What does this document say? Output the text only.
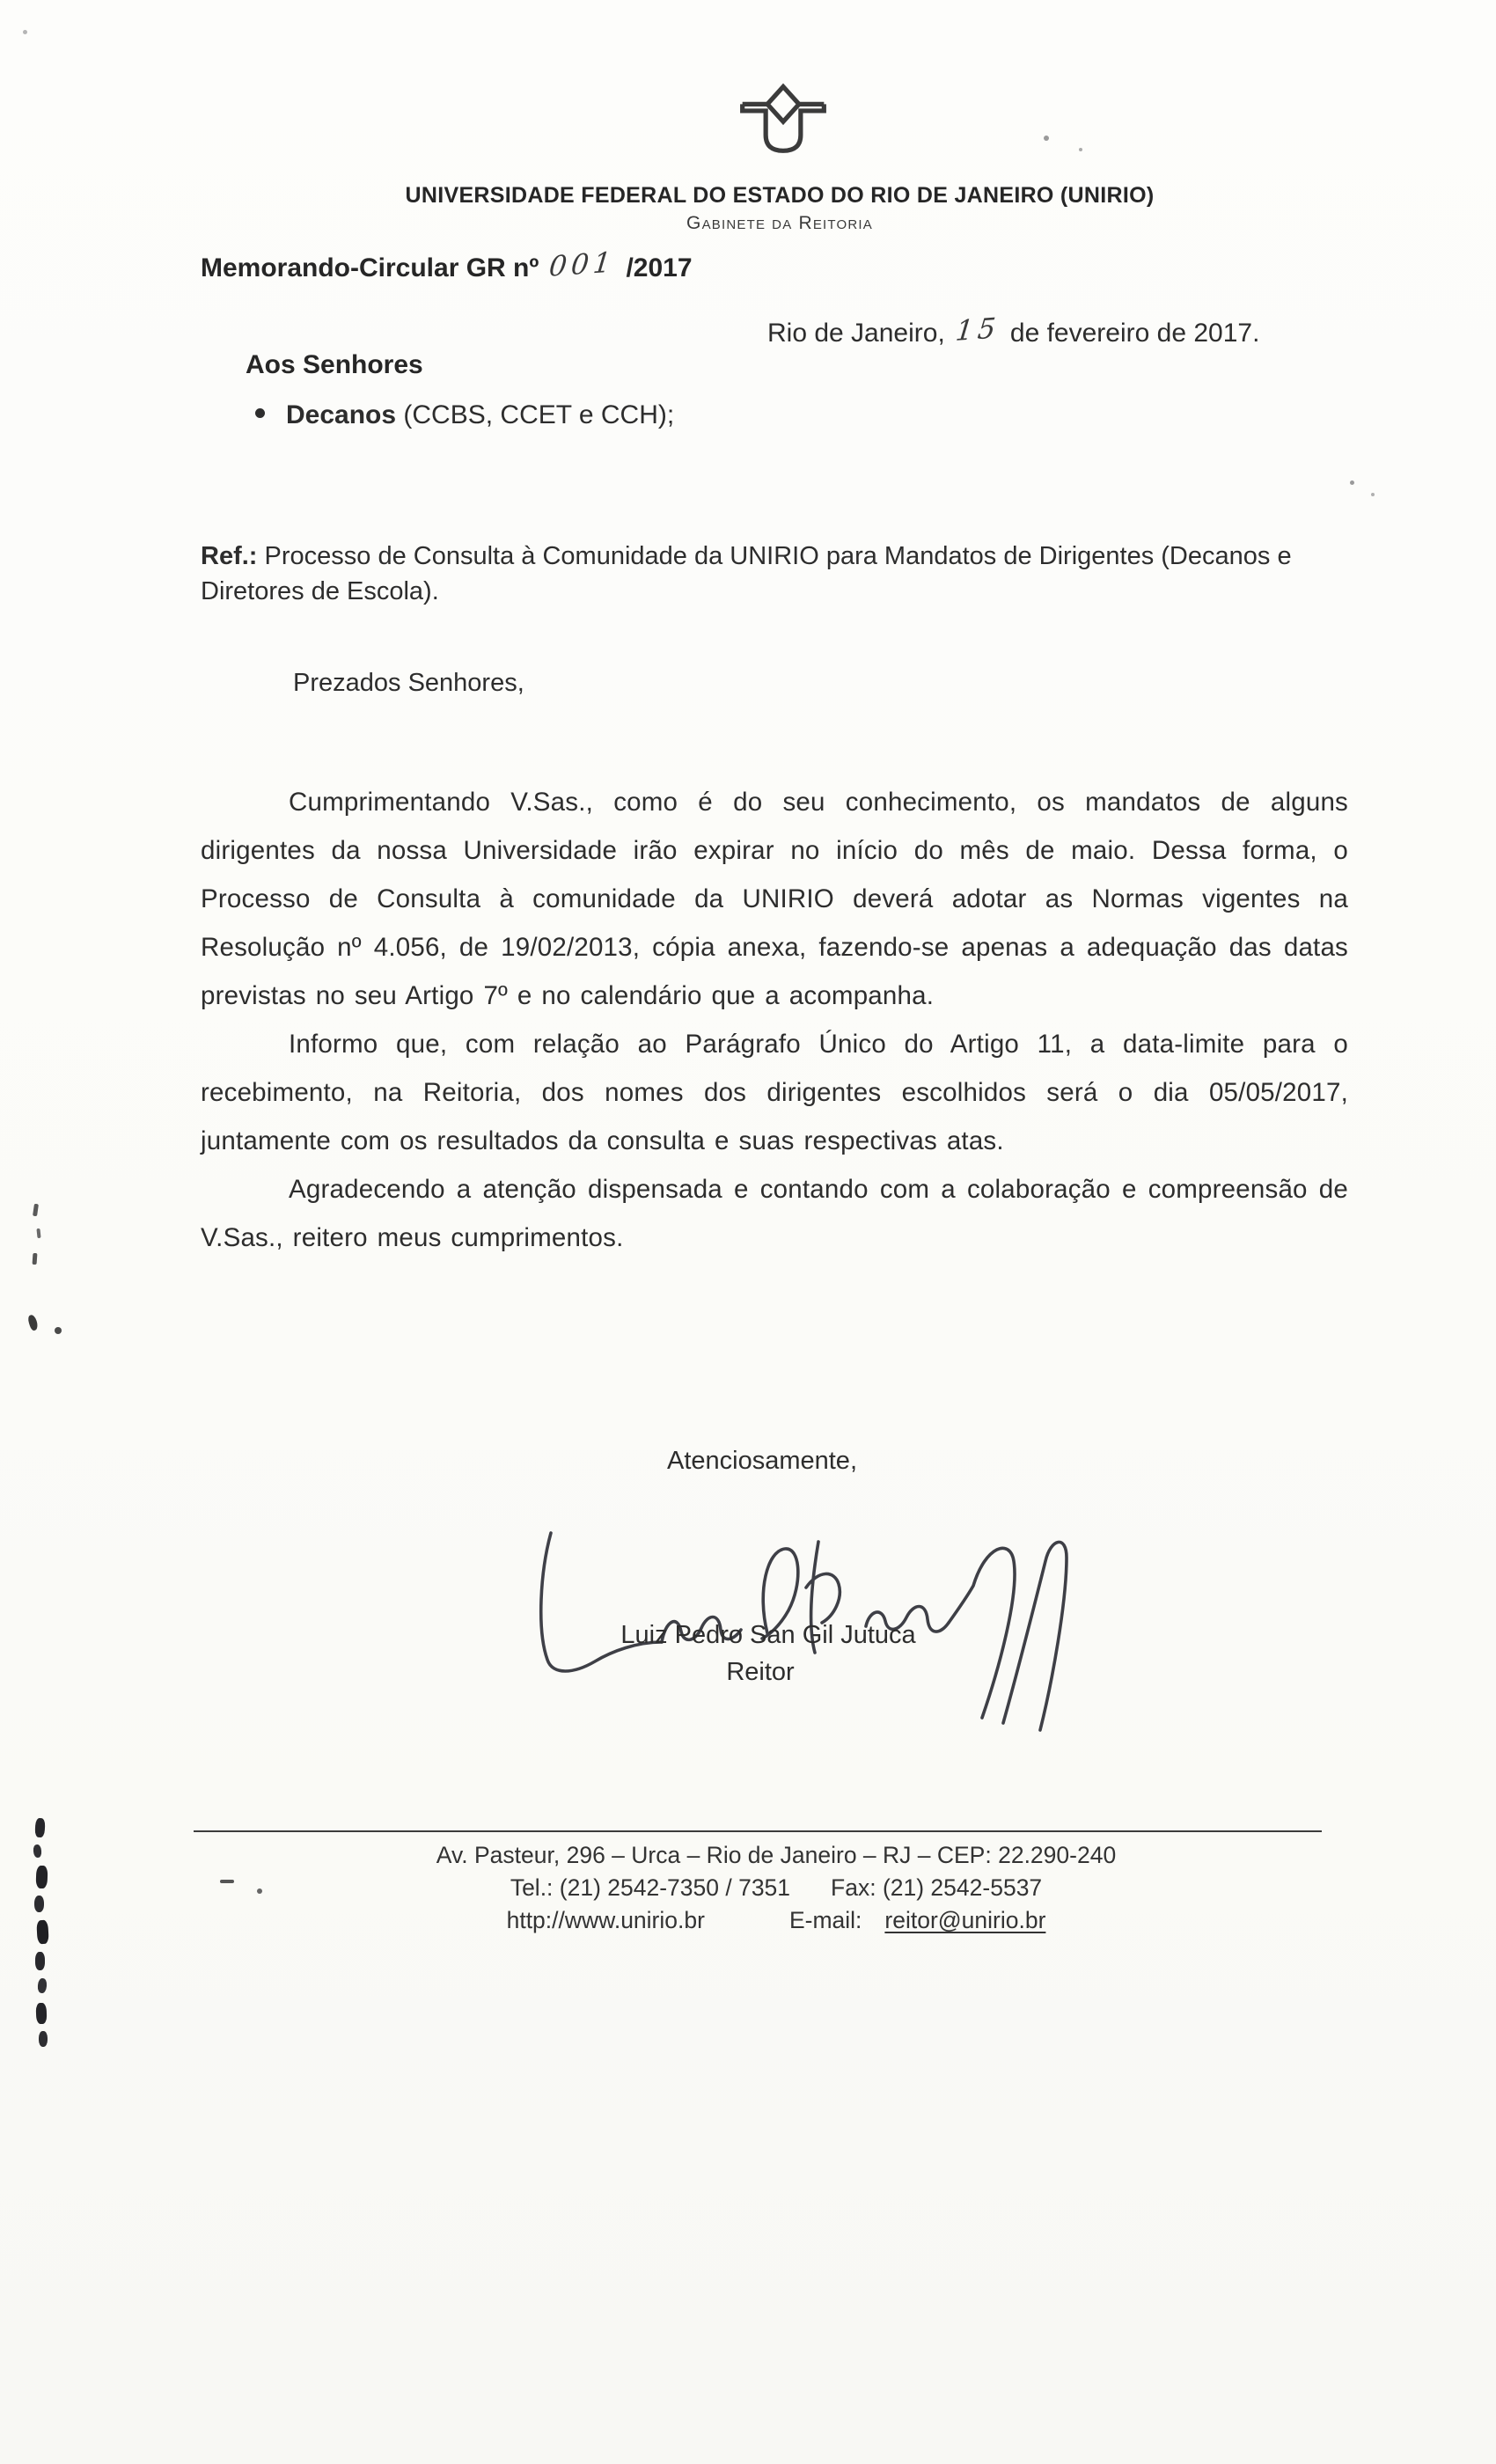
UNIVERSIDADE FEDERAL DO ESTADO DO RIO DE JANEIRO (UNIRIO)
Gabinete da Reitoria
Memorando-Circular GR nº 001 /2017
Rio de Janeiro, 15 de fevereiro de 2017.
Aos Senhores
Decanos (CCBS, CCET e CCH);
Ref.: Processo de Consulta à Comunidade da UNIRIO para Mandatos de Dirigentes (Decanos e Diretores de Escola).
Prezados Senhores,

Cumprimentando V.Sas., como é do seu conhecimento, os mandatos de alguns dirigentes da nossa Universidade irão expirar no início do mês de maio. Dessa forma, o Processo de Consulta à comunidade da UNIRIO deverá adotar as Normas vigentes na Resolução nº 4.056, de 19/02/2013, cópia anexa, fazendo-se apenas a adequação das datas previstas no seu Artigo 7º e no calendário que a acompanha.

Informo que, com relação ao Parágrafo Único do Artigo 11, a data-limite para o recebimento, na Reitoria, dos nomes dos dirigentes escolhidos será o dia 05/05/2017, juntamente com os resultados da consulta e suas respectivas atas.

Agradecendo a atenção dispensada e contando com a colaboração e compreensão de V.Sas., reitero meus cumprimentos.

Atenciosamente,
Luiz Pedro San Gil Jutuca
Reitor
Av. Pasteur, 296 – Urca – Rio de Janeiro – RJ – CEP: 22.290-240
Tel.: (21) 2542-7350 / 7351 Fax: (21) 2542-5537
http://www.unirio.br	E-mail: reitor@unirio.br
